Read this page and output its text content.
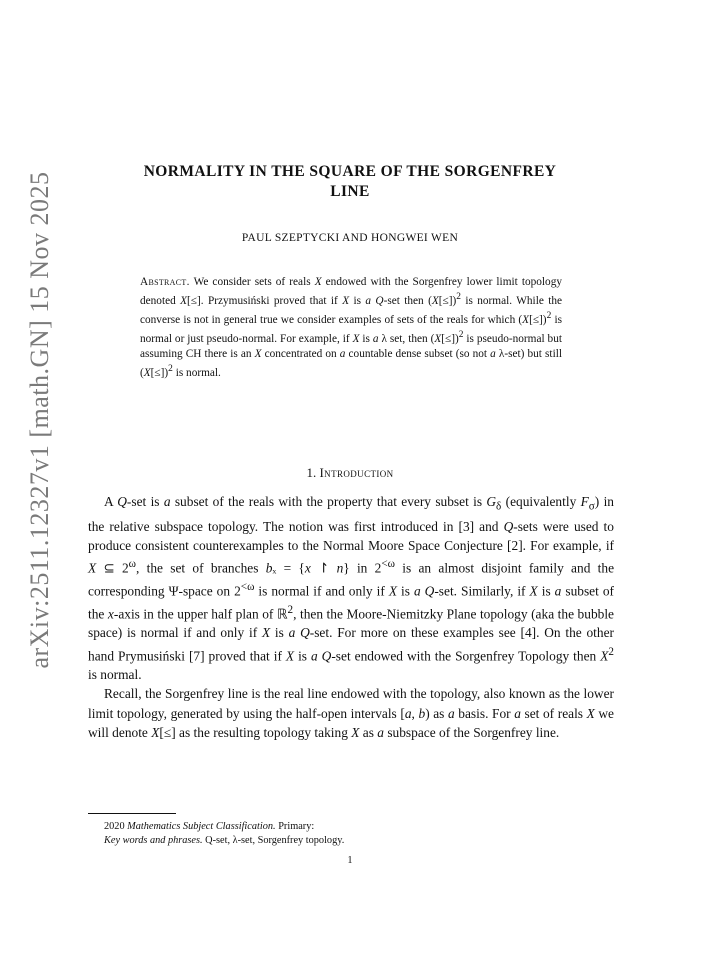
arXiv:2511.12327v1 [math.GN] 15 Nov 2025	NORMALITY IN THE SQUARE OF THE SORGENFREY
LINE
PAUL SZEPTYCKI AND HONGWEI WEN
Abstract. We consider sets of reals X endowed with the Sorgenfrey lower limit topology denoted X[≤]. Przymusiński proved that if X is a Q-set then (X[≤])$^2$ is normal. While the converse is not in general true we consider examples of sets of the reals for which (X[≤])$^2$ is normal or just pseudo-normal. For example, if X is a λ set, then (X[≤])$^2$ is pseudo-normal but assuming CH there is an X concentrated on a countable dense subset (so not a λ-set) but still (X[≤])$^2$ is normal.
1. Introduction

A Q-set is a subset of the reals with the property that every subset is $G_\delta$ (equivalently $F_\sigma$) in the relative subspace topology. The notion was first introduced in [3] and Q-sets were used to produce consistent counterexamples to the Normal Moore Space Conjecture [2]. For example, if X ⊆ $2^\omega$, the set of branches bₓ = {x ↾ n} in $2^{<\omega}$ is an almost disjoint family and the corresponding Ψ-space on $2^{<\omega}$ is normal if and only if X is a Q-set. Similarly, if X is a subset of the x-axis in the upper half plan of ℝ$^2$, then the Moore-Niemitzky Plane topology (aka the bubble space) is normal if and only if X is a Q-set. For more on these examples see [4]. On the other hand Prymusiński [7] proved that if X is a Q-set endowed with the Sorgenfrey Topology then $X^2$ is normal.

Recall, the Sorgenfrey line is the real line endowed with the topology, also known as the lower limit topology, generated by using the half-open intervals [a, b) as a basis. For a set of reals X we will denote X[≤] as the resulting topology taking X as a subspace of the Sorgenfrey line.

2020 Mathematics Subject Classification. Primary:
Key words and phrases. Q-set, λ-set, Sorgenfrey topology.
1
